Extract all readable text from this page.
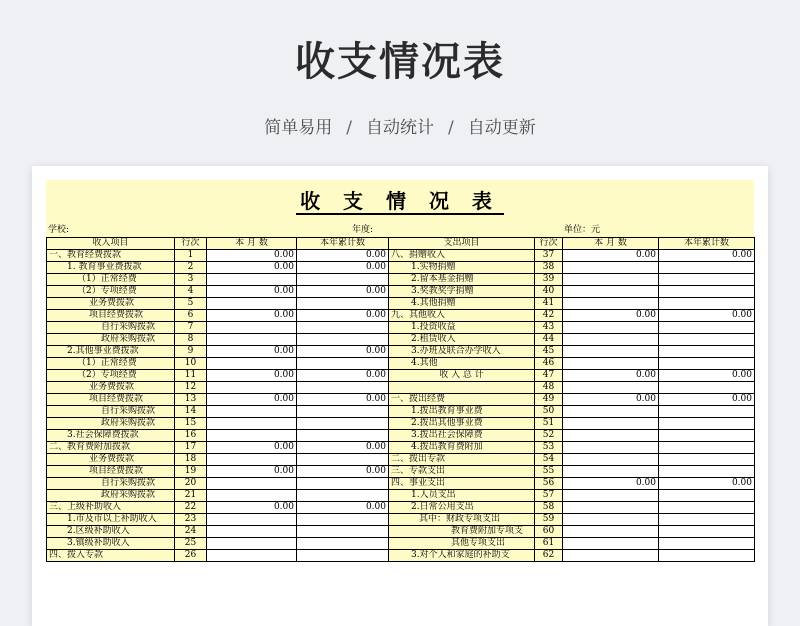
收支情况表
简单易用 / 自动统计 / 自动更新
收 支 情 况 表
学校:	年度:	单位：元
收入项目	行次	本 月 数	本年累计数	支出项目	行次	本 月 数	本年累计数
一、教育经费拨款	1	0.00	0.00	八、捐赠收入	37	0.00	0.00
1. 教育事业费拨款	2	0.00	0.00	1.实物捐赠	38		
（1）正常经费	3			2.留本基金捐赠	39		
（2）专项经费	4	0.00	0.00	3.奖教奖学捐赠	40		
业务费拨款	5			4.其他捐赠	41		
项目经费拨款	6	0.00	0.00	九、其他收入	42	0.00	0.00
自行采购拨款	7			1.投资收益	43		
政府采购拨款	8			2.租赁收入	44		
2.其他事业费拨款	9	0.00	0.00	3.办班及联合办学收入	45		
（1）正常经费	10			4.其他	46		
（2）专项经费	11	0.00	0.00	收 入 总 计	47	0.00	0.00
业务费拨款	12				48		
项目经费拨款	13	0.00	0.00	一、拨出经费	49	0.00	0.00
自行采购拨款	14			1.拨出教育事业费	50		
政府采购拨款	15			2.拨出其他事业费	51		
3.社会保障费拨款	16			3.拨出社会保障费	52		
二、教育费附加拨款	17	0.00	0.00	4.拨出教育费附加	53		
业务费拨款	18			二、拨出专款	54		
项目经费拨款	19	0.00	0.00	三、专款支出	55		
自行采购拨款	20			四、事业支出	56	0.00	0.00
政府采购拨款	21			1.人员支出	57		
三、上级补助收入	22	0.00	0.00	2.日常公用支出	58		
1.市及市以上补助收入	23			其中：财政专项支出	59		
2.区级补助收入	24			教育费附加专项支	60		
3.镇级补助收入	25			其他专项支出	61		
四、拨入专款	26			3.对个人和家庭的补助支	62		
